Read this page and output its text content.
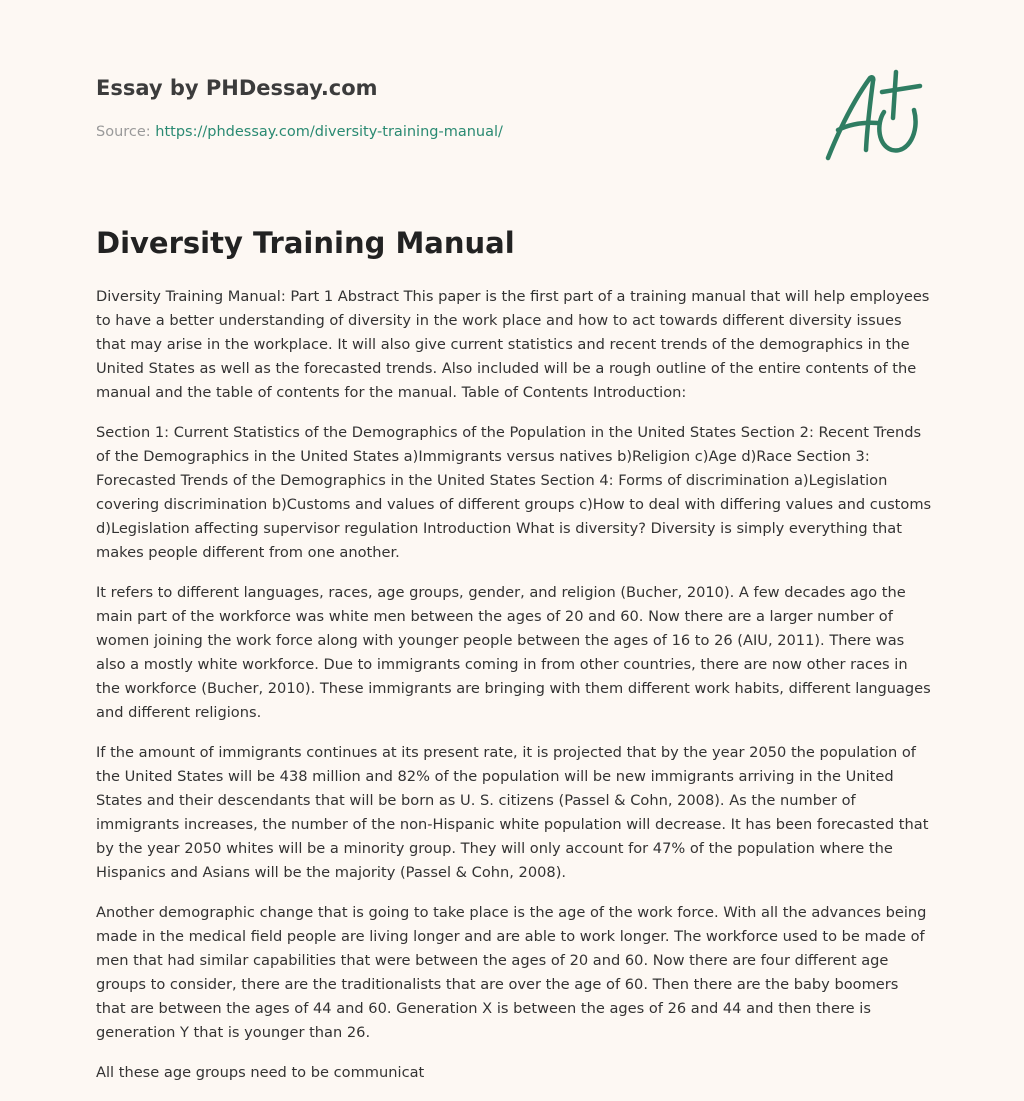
Essay by PHDessay.com

Source: https://phdessay.com/diversity-training-manual/

Diversity Training Manual

Diversity Training Manual: Part 1 Abstract This paper is the first part of a training manual that will help employees to have a better understanding of diversity in the work place and how to act towards different diversity issues that may arise in the workplace. It will also give current statistics and recent trends of the demographics in the United States as well as the forecasted trends. Also included will be a rough outline of the entire contents of the manual and the table of contents for the manual. Table of Contents Introduction:

Section 1: Current Statistics of the Demographics of the Population in the United States Section 2: Recent Trends of the Demographics in the United States a)Immigrants versus natives b)Religion c)Age d)Race Section 3: Forecasted Trends of the Demographics in the United States Section 4: Forms of discrimination a)Legislation covering discrimination b)Customs and values of different groups c)How to deal with differing values and customs d)Legislation affecting supervisor regulation Introduction What is diversity? Diversity is simply everything that makes people different from one another.

It refers to different languages, races, age groups, gender, and religion (Bucher, 2010). A few decades ago the main part of the workforce was white men between the ages of 20 and 60. Now there are a larger number of women joining the work force along with younger people between the ages of 16 to 26 (AIU, 2011). There was also a mostly white workforce. Due to immigrants coming in from other countries, there are now other races in the workforce (Bucher, 2010). These immigrants are bringing with them different work habits, different languages and different religions.

If the amount of immigrants continues at its present rate, it is projected that by the year 2050 the population of the United States will be 438 million and 82% of the population will be new immigrants arriving in the United States and their descendants that will be born as U. S. citizens (Passel & Cohn, 2008). As the number of immigrants increases, the number of the non-Hispanic white population will decrease. It has been forecasted that by the year 2050 whites will be a minority group. They will only account for 47% of the population where the Hispanics and Asians will be the majority (Passel & Cohn, 2008).

Another demographic change that is going to take place is the age of the work force. With all the advances being made in the medical field people are living longer and are able to work longer. The workforce used to be made of men that had similar capabilities that were between the ages of 20 and 60. Now there are four different age groups to consider, there are the traditionalists that are over the age of 60. Then there are the baby boomers that are between the ages of 44 and 60. Generation X is between the ages of 26 and 44 and then there is generation Y that is younger than 26.

All these age groups need to be communicat
